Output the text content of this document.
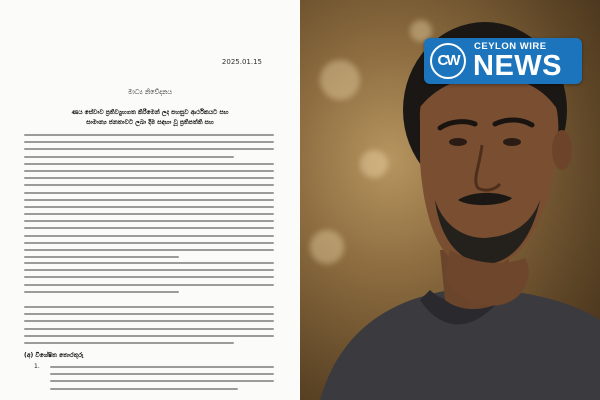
2025.01.15
මාධ්‍ය නිවේදනය
ණය සේවාව ප්‍රතිව්‍යුහගත කිරීමෙන් ලද පහසුව ආර්ථිකයට සහ
සාමාන්‍ය ජනතාවට ලබා දීම සඳහා වූ ප්‍රතිපත්ති සහ
(අ) විශේෂිත තොරතුරු
1.
CW
CEYLON WIRE
NEWS
